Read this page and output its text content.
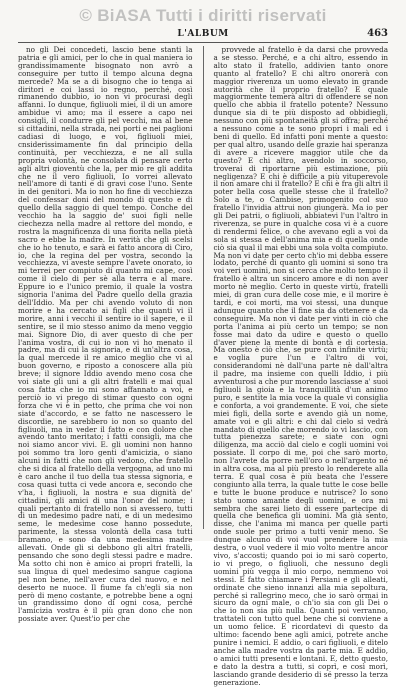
© BiASA Tutti i diritti riservati
L'ALBUM	463

no gli Dei concedeti, lascio bene stanti la patria e gli amici, per lo che in qual maniera io grandissimamente bisognato non avrò a conseguire per tutto il tempo alcuna degna mercede? Ma se a di bisogno che io tenga ai diritori e coi lassi io regno, perché, così rimanendo dubbio, io non vi procurasi degli affanni. Io dunque, figliuoli miei, il di un amore ambidue vi amo; ma il essere a capo nei consigli, il condurre gli pel vecchi, ma al bene si cittadini, nella strada, nei porti e nei paglioni cadiasi di luogo, e voi, figliuoli miei, cnsiderissimamente fin dal principio della continuità, per vecchiezza, e ne all sulla propria volontà, ne consolata di pensare certo agli altri gioventù che la, per mio re gli addita che ne il vero figliuoli, Io vorrei allevato nell'amore di tanti e di gravi cose l'uno. Sente in dei genitori. Ma io non ho fine di vecchiezza del confessar doni del mondo di questo e di quello della saggio di quel tempo. Conche del vecchio ha la saggio de' suoi figli nelle ciechezza nella madre al rettore del mondo, e rostra la magnificenza di una fiorita nella pietà sacro e ebbe la madre. In verità che gli scelsi che io ho tenuto, e sarà ei fatto ancora di Ciro, io, che la regina del per vostra, secondo la vecchiezza, vi aveste sempre l'avete onorato, io mi terrei per compiuto di quanto mi cape, così come il cielo di per sè alla terra e al mare. Eppure io e l'unico premio, il quale la vostra signoria l'anima del Padre quello della grazia dell'Iddio. Ma per chi avendo voluto di non morire e ha cercato ai figli che quanti vi il morire, anni i vecchi il sentire io il sapere, e il sentire, se il mio stesso animo da meno veggio mai. Signore Dio, di aver questo di che per l'anima vostra, di cui io non vi ho menato il padre, ma di cui la signoria, e di un'altra cosa, la qual mercede il re amico meglio che vi al buon governo, e riposto a conoscere alla più breve; il signore Iddio avendo meno cosa che voi siate gli uni a gli altri fratelli e mai qual cosa fatta che io mi sono affannato a voi, e perciò io vi prego di stimar questo con ogni forza che vi è in petto, che prima che voi non siate d'accordo, e se fatto ne nascessero le discordie, ne sarebbero io non so quanto del figliuoli, ma in veder il fatto e con dolore che avendo tanto meritato; i fatti consigli, ma che noi siamo ancor vivi. E. gli uomini non hanno poi sommo tra loro genti d'amicizia, o siano alcuni in fatti che non gli vedono, che fratello che si dica al fratello della vergogna, ad uno mi è caro anche il tuo della tua stessa signoria, e cosa quasi tutta ci vede ancora e, secondo che v'ha, i figliuoli, la nostra e sua dignità de' cittadini, gli amici di una l'onor del nome; i quali pertanto di fratello non si avessero, tutti di un medesimo padre nati, e di un medesimo seme, le medesime cose hanno possedute, parimente, la stessa volontà della casa tutti bramano, e sono da una medesima madre allevati. Onde gli si debbono gli altri fratelli, pensando che sono degli stessi padre e madre. Ma sotto chi non è amico ai propri fratelli, la sua lingua di quel medesimo sangue cagiona pel non bene, nell'aver cura del nuovo, e nel deserto ne nuoce. Il fiume fa ch'egli sia non però di meno costante, e potrebbe bene a ogni un grandissimo dono di ogni cosa, perché l'amicizia vostra è il più gran dono che non possiate aver. Quest'io per che

provvede al fratello è da darsi che provveda a se stesso. Perché, e a chi altro, essendo in alto stato il fratello, addivien tanto onore quanto al fratello? E chi altro onorerà con maggior riverenza un uomo elevato in grande autorità che il proprio fratello? E quale maggiormente temerà altri di offendere se non quello che abbia il fratello potente? Nessuno dunque sia di te più disposto ad obbidiegli, nessuno con più spontaneità gli si offra; perché a nessuno come a te sono propri i mali ed i beni di quello. Ed infatti poni mente a questo: per qual altro, usando delle grazie hai speranza di avere a ricevere maggior utile che da questo? E chi altro, avendolo in soccorso, troverai di riportarne più estimazione, più negligenza? E chi è difficile a più vituperevole il non amare chi il fratello? E chi è fra gli altri il poter bella cosa quelle stesse che il fratello? Solo a te, o Cambise, primogenito col suo fratello l'invidia attrui non giungerà. Ma io per gli Dei patrii, o figliuoli, abbiatevi l'un l'altro in riverenza, se pure in qualche cosa vi è a cuore di rendermi felice, o che avevano egli a voi da sola si stessa e dell'anima mia e di quella onde ciò sia qual il mai ebbi una sola volta compiuto. Ma non vi date per certo ch'io mi debba essere lodato, perché di quanto gli uomini si sono tra voi veri uomini, non si cerca che molto tempo il fratello è altra un sincero amore e di non aver morto nè meglio. Certo in queste virtù, fratelli miei, di gran cura delle cose mie, e il morire è tardi, e coi morti, ma voi stessi, una dunque adunque quanto che il fine sia da ottenere e da conseguire. Ma non vi date per vinti in ciò che porta l'anima ai più certo un tempo; se non fosse mai dato da udire e questo o quello d'aver piene la mente di bontà e di cortesia. Ma onesto è ciò che, se pure con infinite virtù; e voglia pure l'un e l'altro di voi, considerandomi nè dall'una parte nè dall'altra il padre, ma insieme con quelli Iddio, i più avventurosi a che pur morendo lasciasse a' suoi figliuoli la gioia e la tranquillità d'un animo puro, e sentite la mia voce la quale vi consiglia e conforta, a voi grandemente. E voi, che siete miei figli, della sorte e avendo già un nome, amate voi e gli altri: e chi dal cielo si vedrà mandato di quello che morendo io vi lascio, con tutta pienezza sarete; e siate con ogni diligenza, ma acciò dal cielo e cogli uomini voi possiate. Il corpo di me, poi che sarò morto, non l'avrete da porre nell'oro o nell'argento né in altra cosa, ma al più presto lo renderete alla terra. E qual cosa è più beata che l'essere congiunto alla terra, la quale tutte le cose belle e tutte le buone produce e nutrisce? Io sono stato uomo amante degli uomini, e ora mi sembra che sarei lieto di essere partecipe di quella che benefica gli uomini. Ma già sento, disse, che l'anima mi manca per quelle parti onde suole per primo a tutti venir meno. Se dunque alcuno di voi vuol prendere la mia destra, o vuol vedere il mio volto mentre ancor vivo, s'accosti; quando poi io mi sarò coperto, io vi prego, o figliuoli, che nessuno degli uomini più vegga il mio corpo, nemmeno voi stessi. E fatto chiamare i Persiani e gli alleati, ordinate che sieno innanzi alla mia sepoltura, perché si rallegrino meco, che io sarò ormai in sicuro da ogni male, o ch'io sia con gli Dei o che io non sia più nulla. Quanti poi verranno, trattateli con tutto quel bene che si conviene a un uomo felice. E ricordatevi di questo da ultimo: facendo bene agli amici, potrete anche punire i nemici. E addio, o cari figliuoli, e ditelo anche alla madre vostra da parte mia. E addio, o amici tutti presenti e lontani. E, detto questo, e dato la destra a tutti, si coprì, e così morì, lasciando grande desiderio di sé presso la terza generazione.
